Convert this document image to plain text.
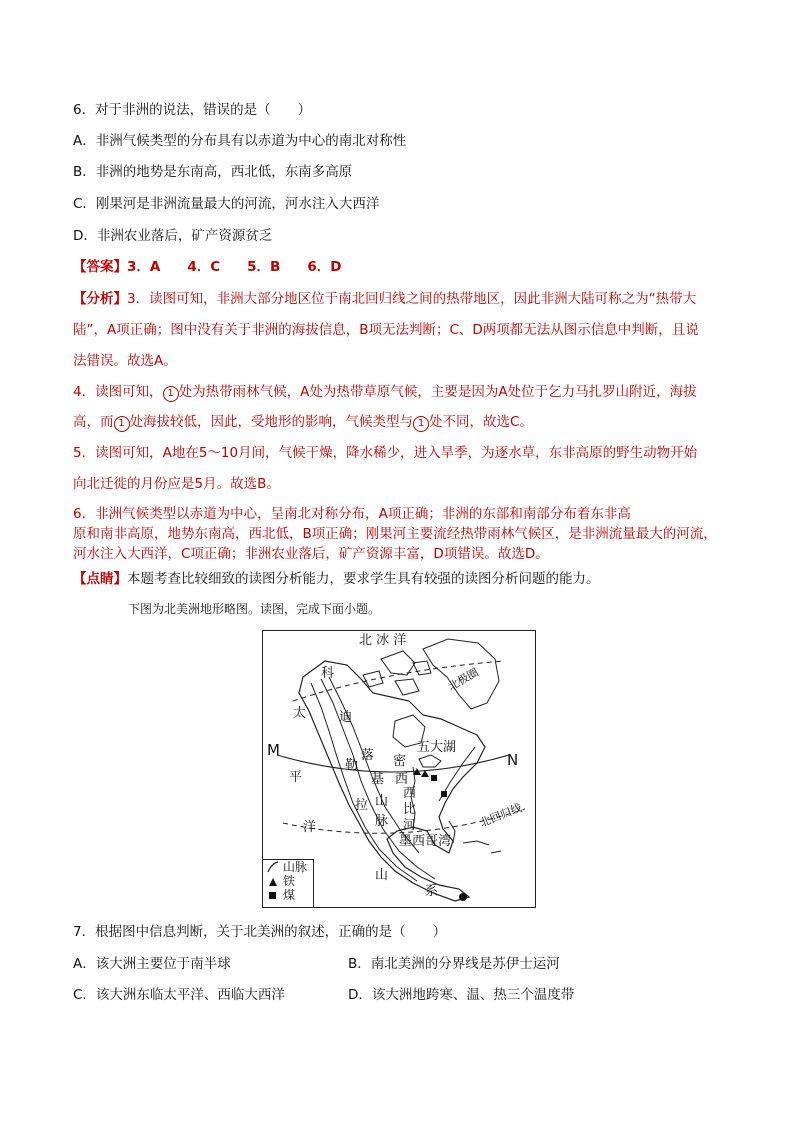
6．对于非洲的说法，错误的是（　　）
A．非洲气候类型的分布具有以赤道为中心的南北对称性
B．非洲的地势是东南高，西北低，东南多高原
C．刚果河是非洲流量最大的河流，河水注入大西洋
D．非洲农业落后，矿产资源贫乏
【答案】3．A　　4．C　　5．B　　6．D
【分析】3．读图可知，非洲大部分地区位于南北回归线之间的热带地区，因此非洲大陆可称之为“热带大
陆”，A项正确；图中没有关于非洲的海拔信息，B项无法判断；C、D两项都无法从图示信息中判断，且说
法错误。故选A。
4．读图可知， 1 处为热带雨林气候，A处为热带草原气候，主要是因为A处位于乞力马扎罗山附近，海拔
高，而 1 处海拔较低，因此，受地形的影响，气候类型与 1 处不同，故选C。
5．读图可知，A地在5～10月间，气候干燥，降水稀少，进入旱季，为逐水草，东非高原的野生动物开始
向北迁徙的月份应是5月。故选B。
6．非洲气候类型以赤道为中心，呈南北对称分布，A项正确；非洲的东部和南部分布着东非高
原和南非高原，地势东南高，西北低，B项正确；刚果河主要流经热带雨林气候区，是非洲流量最大的河流，
河水注入大西洋，C项正确；非洲农业落后，矿产资源丰富，D项错误。故选D。
【点睛】本题考查比较细致的读图分析能力，要求学生具有较强的读图分析问题的能力。
下图为北美洲地形略图。读图，完成下面小题。
北 冰 洋
北极圈
太
平
洋
M
N
科
迪
勒
落
基
拉 山
脉
山
密
西
西
比
河
五大湖
墨西哥湾
北回归线
系
山脉
铁
煤
7．根据图中信息判断，关于北美洲的叙述，正确的是（　　）
A．该大洲主要位于南半球	B．南北美洲的分界线是苏伊士运河
C．该大洲东临太平洋、西临大西洋	D．该大洲地跨寒、温、热三个温度带
